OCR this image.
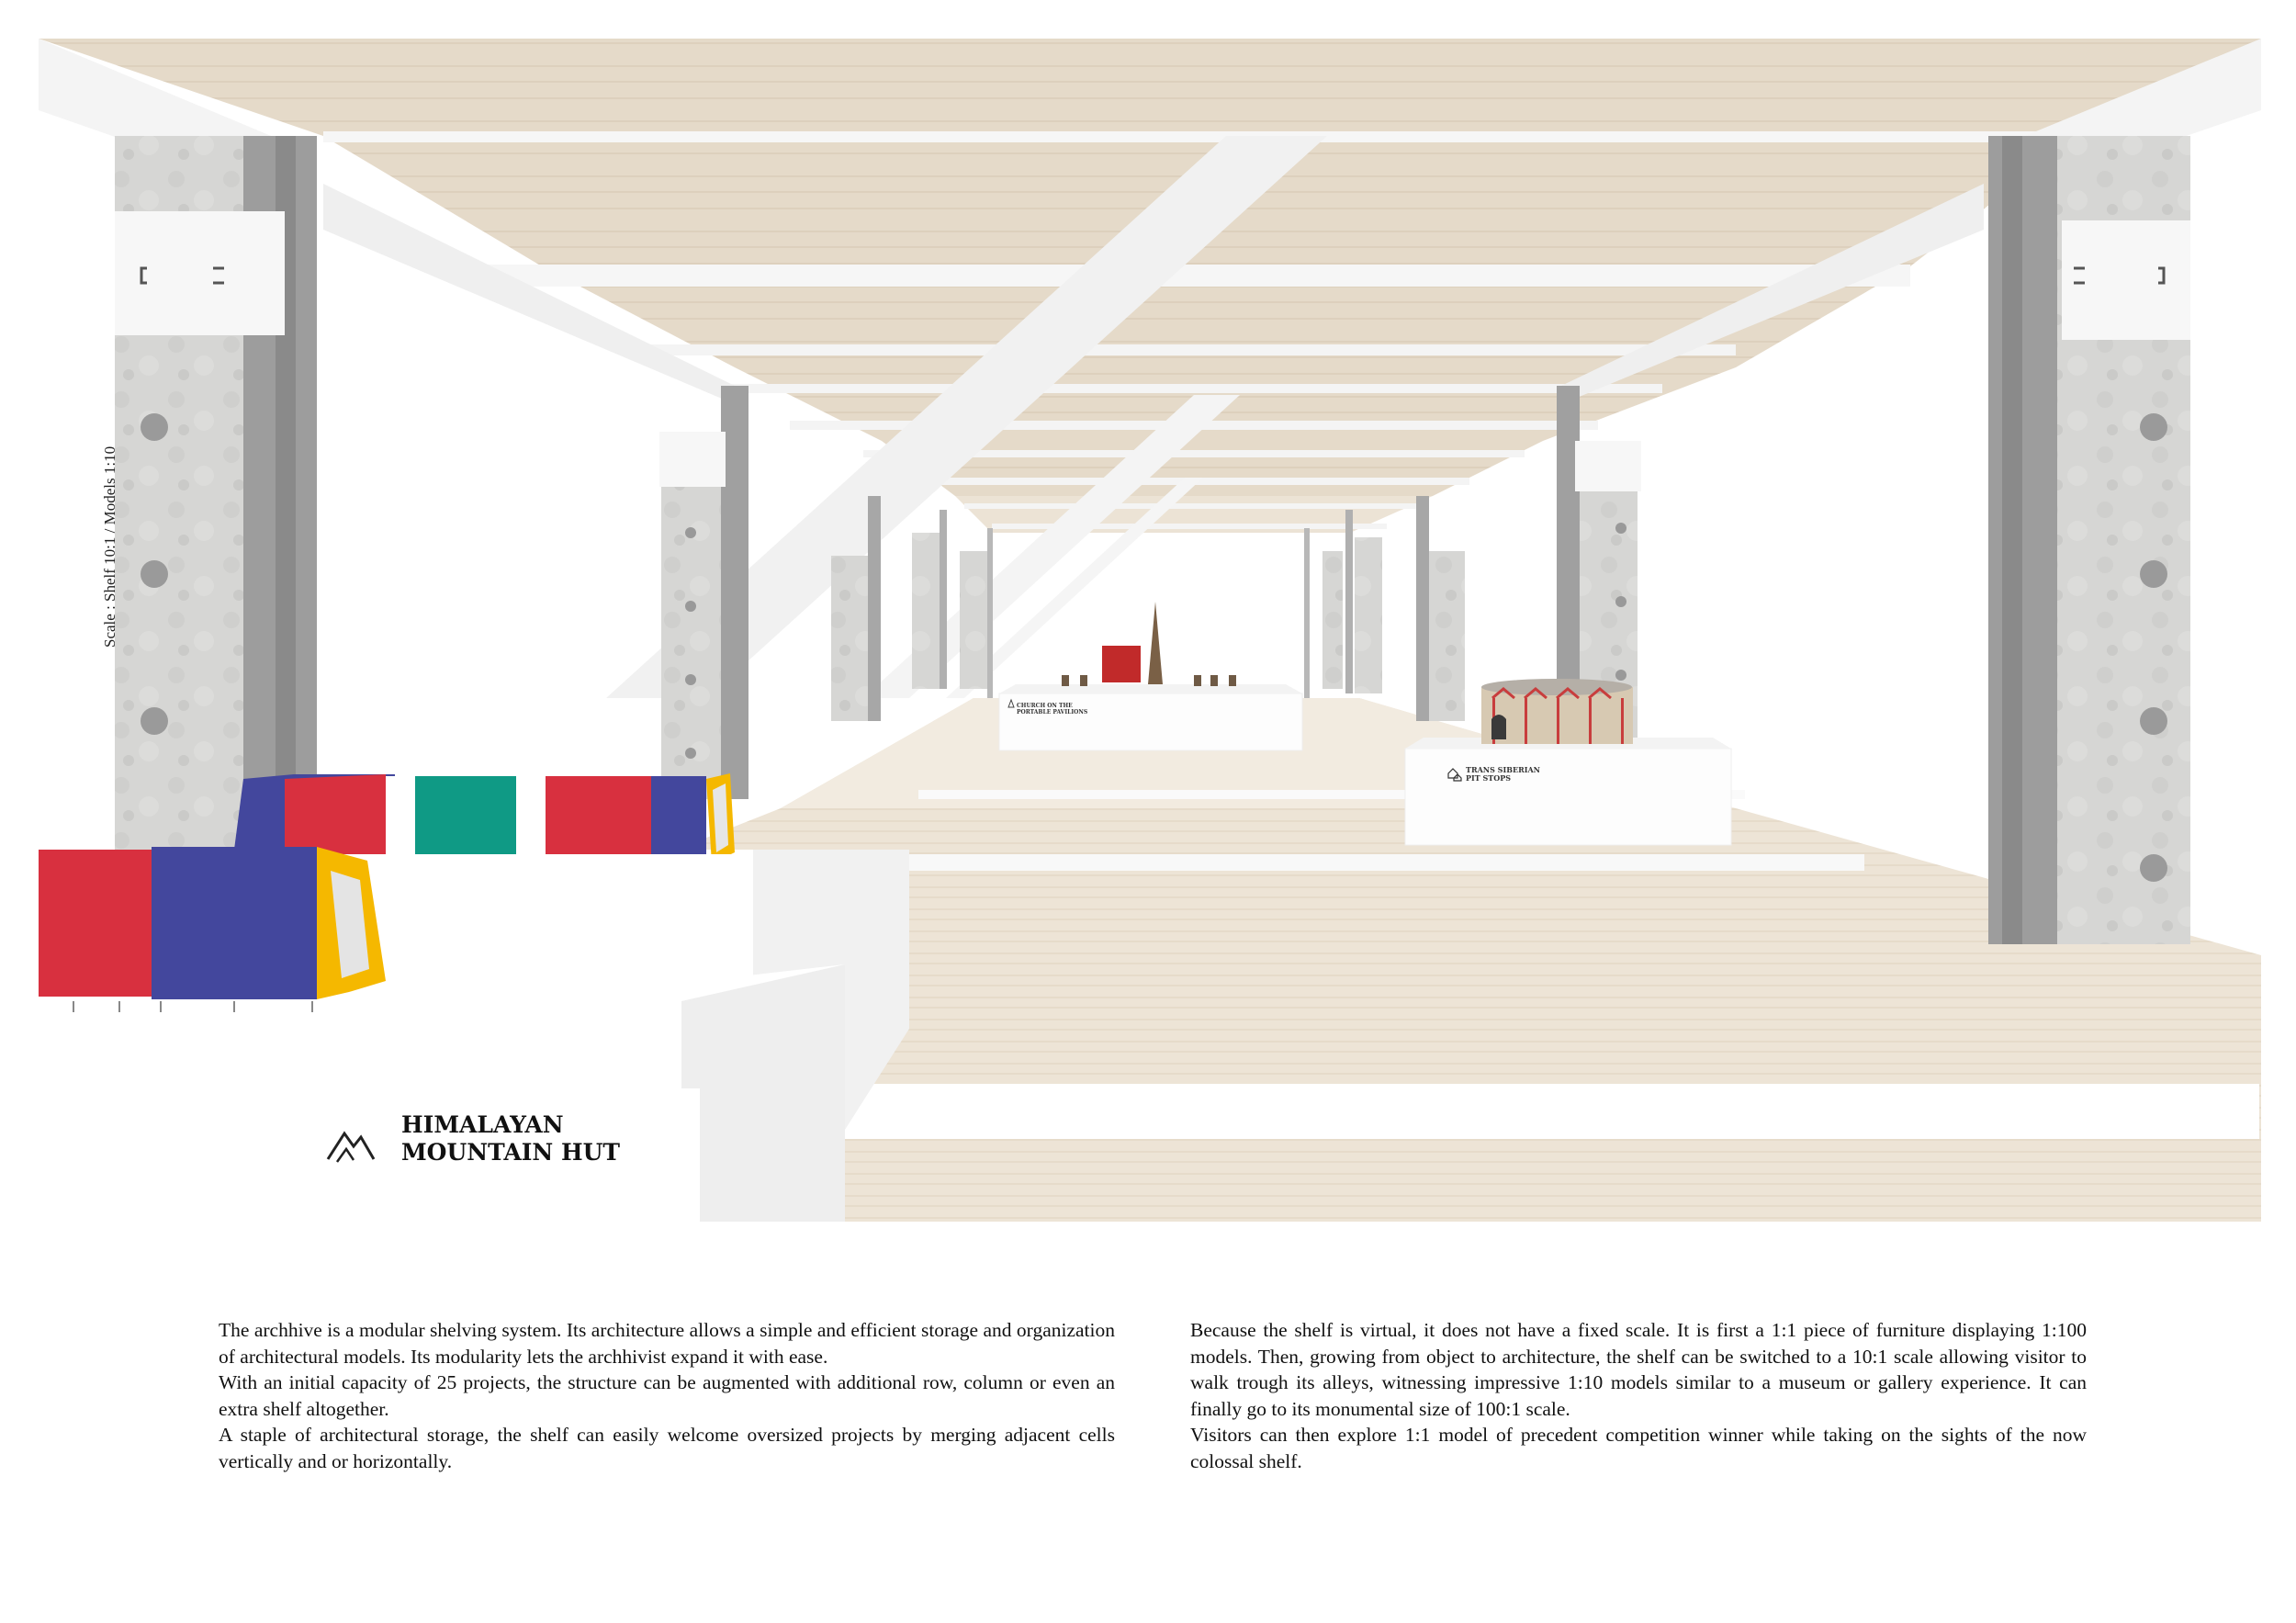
Scale : Shelf 10:1 / Models 1:10
HIMALAYAN
MOUNTAIN HUT
TRANS SIBERIAN
PIT STOPS
CHURCH ON THE
PORTABLE PAVILIONS

The archhive is a modular shelving system. Its architecture allows a simple and efficient storage and organization of architectural models. Its modularity lets the archhivist expand it with ease.

With an initial capacity of 25 projects, the structure can be augmented with additional row, column or even an extra shelf altogether.

A staple of architectural storage, the shelf can easily welcome oversized projects by merging adjacent cells vertically and or horizontally.

Because the shelf is virtual, it does not have a fixed scale. It is first a 1:1 piece of furniture displaying 1:100 models. Then, growing from object to architecture, the shelf can be switched to a 10:1 scale allowing visitor to walk trough its alleys, witnessing impressive 1:10 models similar to a museum or gallery experience. It can finally go to its monumental size of 100:1 scale.

Visitors can then explore 1:1 model of precedent competition winner while taking on the sights of the now colossal shelf.
